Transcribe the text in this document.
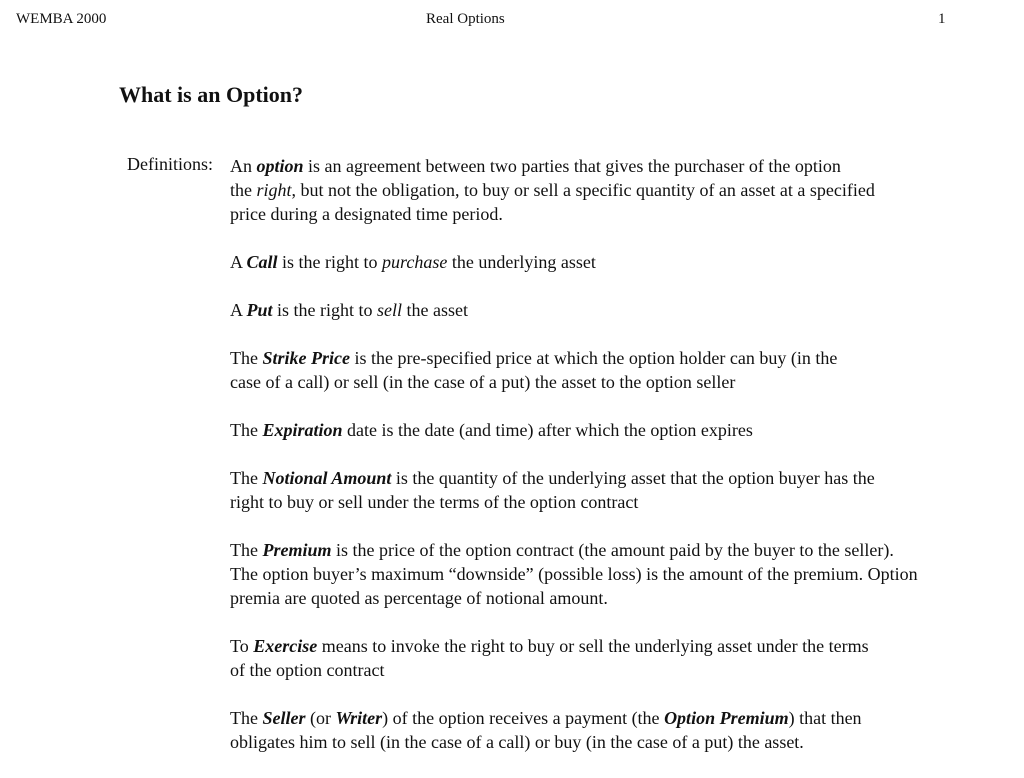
WEMBA 2000	Real Options	1
What is an Option?
Definitions: An option is an agreement between two parties that gives the purchaser of the option
the right, but not the obligation, to buy or sell a specific quantity of an asset at a specified
price during a designated time period.

A Call is the right to purchase the underlying asset

A Put is the right to sell the asset

The Strike Price is the pre-specified price at which the option holder can buy (in the
case of a call) or sell (in the case of a put) the asset to the option seller

The Expiration date is the date (and time) after which the option expires

The Notional Amount is the quantity of the underlying asset that the option buyer has the
right to buy or sell under the terms of the option contract

The Premium is the price of the option contract (the amount paid by the buyer to the seller).
The option buyer’s maximum “downside” (possible loss) is the amount of the premium. Option
premia are quoted as percentage of notional amount.

To Exercise means to invoke the right to buy or sell the underlying asset under the terms
of the option contract

The Seller (or Writer) of the option receives a payment (the Option Premium) that then
obligates him to sell (in the case of a call) or buy (in the case of a put) the asset.
